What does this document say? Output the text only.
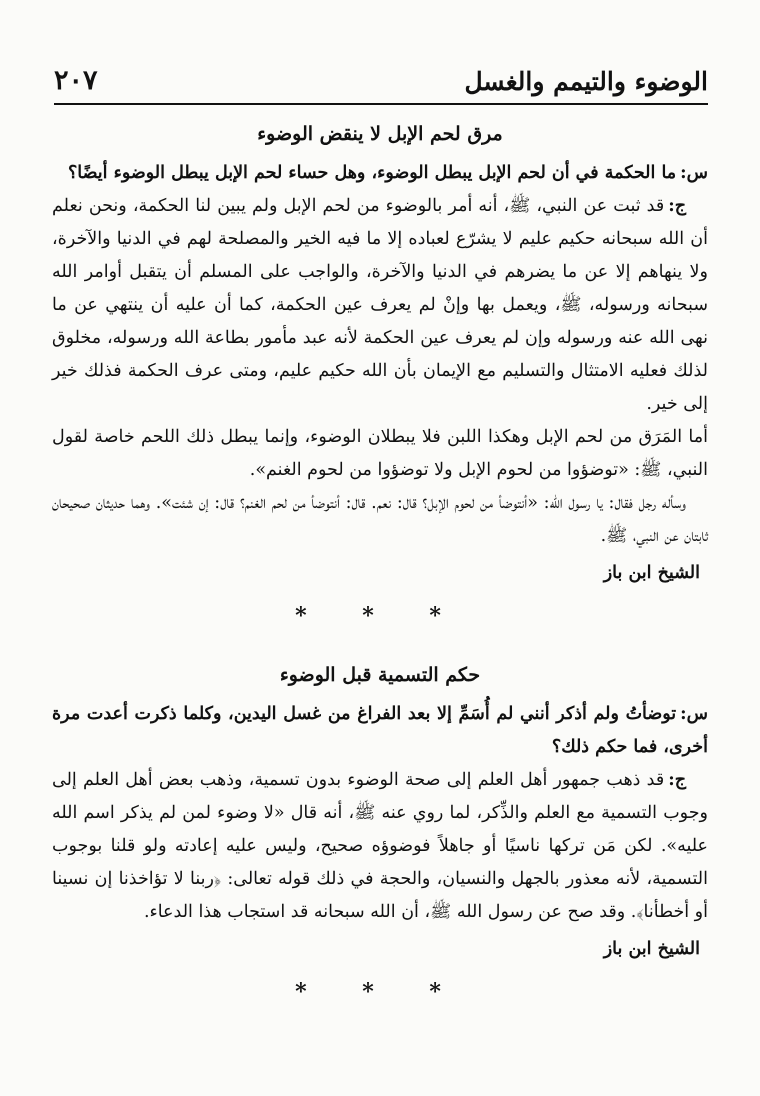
الوضوء والتيمم والغسل
٢٠٧
مرق لحم الإبل لا ينقض الوضوء

س:ما الحكمة في أن لحم الإبل يبطل الوضوء، وهل حساء لحم الإبل يبطل الوضوء أيضًا؟

ج:قد ثبت عن النبي، ﷺ، أنه أمر بالوضوء من لحم الإبل ولم يبين لنا الحكمة، ونحن نعلم أن الله سبحانه حكيم عليم لا يشرّع لعباده إلا ما فيه الخير والمصلحة لهم في الدنيا والآخرة، ولا ينهاهم إلا عن ما يضرهم في الدنيا والآخرة، والواجب على المسلم أن يتقبل أوامر الله سبحانه ورسوله، ﷺ، ويعمل بها وإنْ لم يعرف عين الحكمة، كما أن عليه أن ينتهي عن ما نهى الله عنه ورسوله وإن لم يعرف عين الحكمة لأنه عبد مأمور بطاعة الله ورسوله، مخلوق لذلك فعليه الامتثال والتسليم مع الإيمان بأن الله حكيم عليم، ومتى عرف الحكمة فذلك خير إلى خير.

أما المَرَق من لحم الإبل وهكذا اللبن فلا يبطلان الوضوء، وإنما يبطل ذلك اللحم خاصة لقول النبي، ﷺ: «توضؤوا من لحوم الإبل ولا توضؤوا من لحوم الغنم».

وسأله رجل فقال: يا رسول الله: «أنتوضأ من لحوم الإبل؟ قال: نعم. قال: أنتوضأ من لحم الغنم؟ قال: إن شئت». وهما حديثان صحيحان ثابتان عن النبي، ﷺ.

الشيخ ابن باز
* * *
حكم التسمية قبل الوضوء

س:توضأتُ ولم أذكر أنني لم أُسَمِّ إلا بعد الفراغ من غسل اليدين، وكلما ذكرت أعدت مرة أخرى، فما حكم ذلك؟

ج:قد ذهب جمهور أهل العلم إلى صحة الوضوء بدون تسمية، وذهب بعض أهل العلم إلى وجوب التسمية مع العلم والذِّكر، لما روي عنه ﷺ، أنه قال «لا وضوء لمن لم يذكر اسم الله عليه». لكن مَن تركها ناسيًا أو جاهلاً فوضوؤه صحيح، وليس عليه إعادته ولو قلنا بوجوب التسمية، لأنه معذور بالجهل والنسيان، والحجة في ذلك قوله تعالى: ﴿ربنا لا تؤاخذنا إن نسينا أو أخطأنا﴾. وقد صح عن رسول الله ﷺ، أن الله سبحانه قد استجاب هذا الدعاء.

الشيخ ابن باز
* * *
